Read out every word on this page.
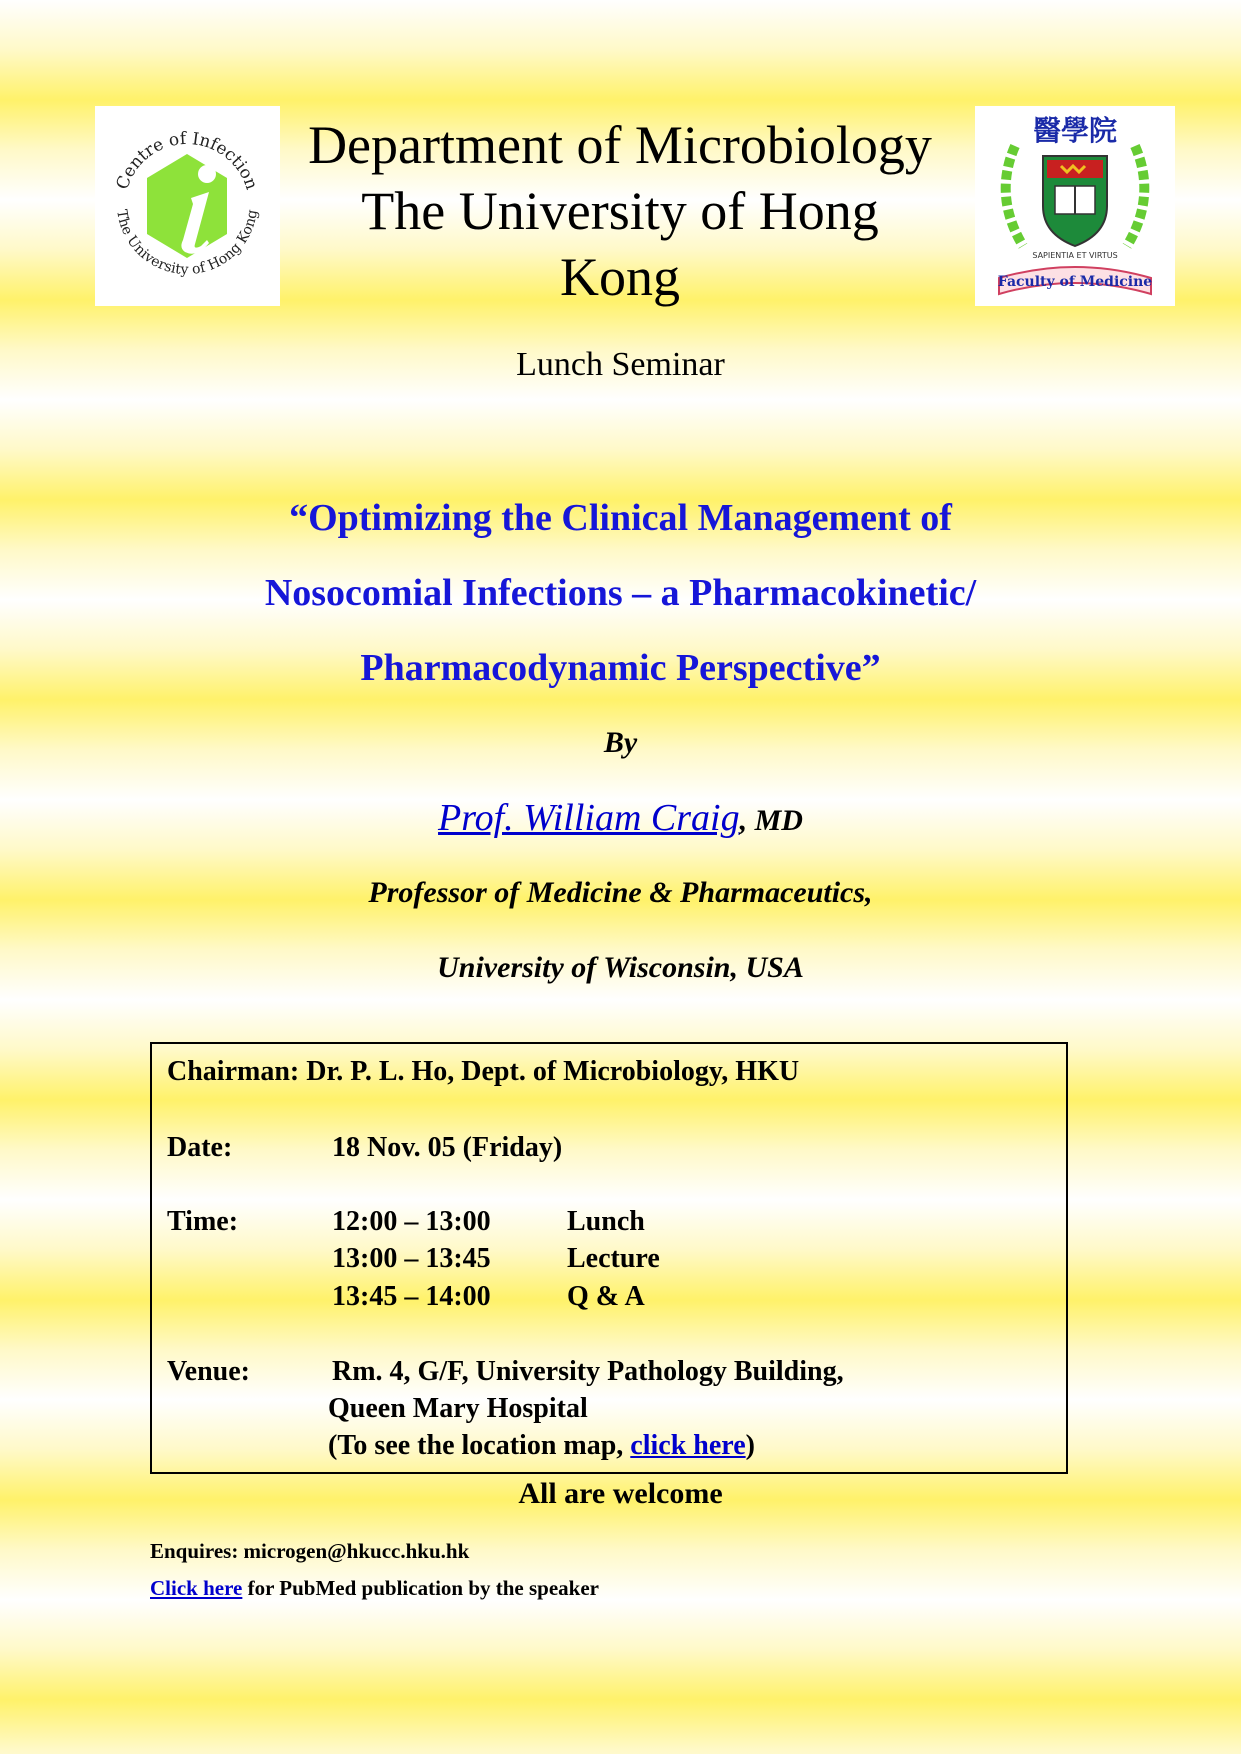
Centre of Infection
The University of Hong Kong
Department of Microbiology
The University of Hong Kong
醫學院
SAPIENTIA ET VIRTUS
Faculty of Medicine
Lunch Seminar
“Optimizing the Clinical Management of
Nosocomial Infections – a Pharmacokinetic/
Pharmacodynamic Perspective”
By
Prof. William Craig, MD
Professor of Medicine & Pharmaceutics,
University of Wisconsin, USA
Chairman: Dr. P. L. Ho, Dept. of Microbiology, HKU
Date:	18 Nov. 05 (Friday)
Time:	12:00 – 13:00	Lunch
13:00 – 13:45	Lecture
13:45 – 14:00	Q & A
Venue:	Rm. 4, G/F, University Pathology Building,
Queen Mary Hospital
(To see the location map, click here)
All are welcome
Enquires: microgen@hkucc.hku.hk
Click here for PubMed publication by the speaker
